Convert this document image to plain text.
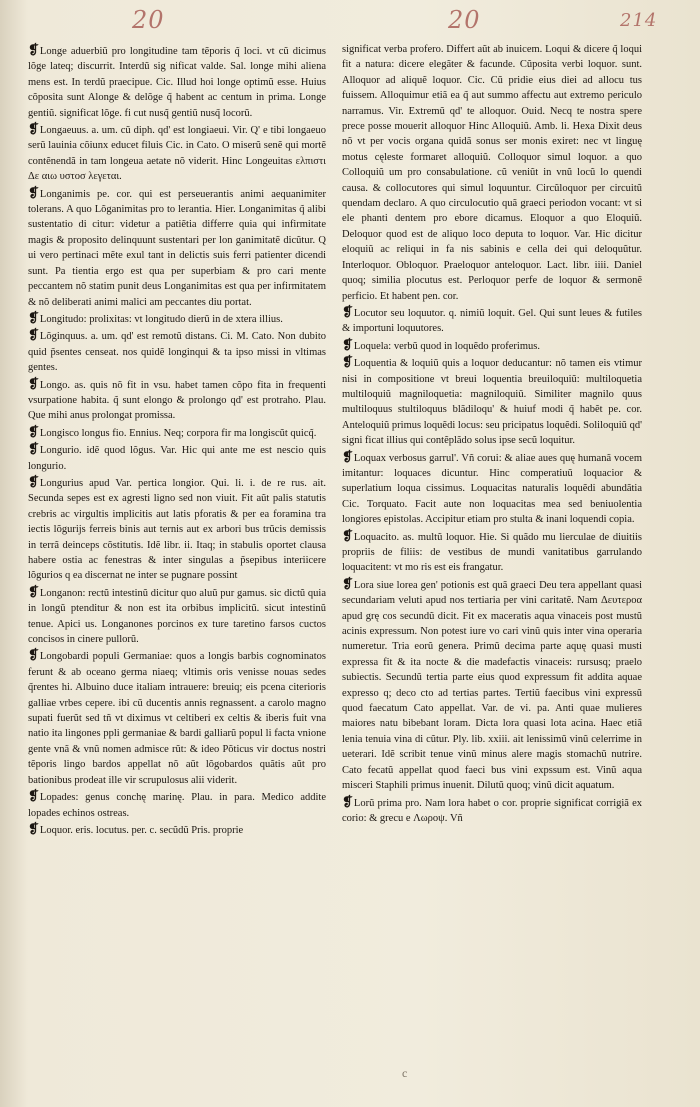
20	20	214

❡Longe aduerbiũ pro longitudine tam tẽporis q̃ loci. vt cũ dicimus lõge lateq; discurrit. Interdũ sig nificat valde. Sal. longe mihi aliena mens est. In terdũ praecipue. Cic. Illud hoi longe optimũ esse. Huius cõposita sunt Alonge & delõge q̃ habent ac centum in prima. Longe gentiũ. significat lõge. fi cut nusq̃ gentiũ nusq̃ locorũ.

❡Longaeuus. a. um. cũ diph. qd' est longiaeui. Vir. Q' e tibi longaeuo serũ lauinia cõiunx educet filuis Cic. in Cato. O miserũ senẽ qui mortẽ contẽnendã in tam longeua aetate nõ viderit. Hinc Longeuitas ελπιστι Δε αιω υστοσ λεγεται.

❡Longanimis pe. cor. qui est perseuerantis animi aequanimiter tolerans. A quo Lõganimitas pro to lerantia. Hier. Longanimitas q̃ alibi sustentatio di citur: videtur a patiẽtia differre quia qui infirmitate magis & proposito delinquunt sustentari per lon ganimitatẽ dicũtur. Q ui vero pertinaci mẽte exul tant in delictis suis ferri patienter dicendi sunt. Pa tientia ergo est qua per superbiam & pro cari mente peccantem nõ statim punit deus Longanimitas est qua per infirmitatem & nõ deliberati animi malici am peccantes diu portat.

❡Longitudo: prolixitas: vt longitudo dierũ in de xtera illius.

❡Lõginquus. a. um. qd' est remotũ distans. Ci. M. Cato. Non dubito quid p̃sentes censeat. nos quidẽ longinqui & ta ipso missi in vltimas gentes.

❡Longo. as. quis nõ fit in vsu. habet tamen cõpo fita in frequenti vsurpatione habita. q̃ sunt elongo & prolongo qd' est protraho. Plau. Que mihi anus prolongat promissa.

❡Longisco longus fio. Ennius. Neq; corpora fir ma longiscũt quicq̃.

❡Longurio. idẽ quod lõgus. Var. Hic qui ante me est nescio quis longurio.

❡Longurius apud Var. pertica longior. Qui. li. i. de re rus. ait. Secunda sepes est ex agresti ligno sed non viuit. Fit aũt palis statutis crebris ac virgultis implicitis aut latis pforatis & per ea foramina tra iectis lõgurijs ferreis binis aut ternis aut ex arbori bus trũcis demissis in terrã deinceps cõstitutis. Idẽ libr. ii. Itaq; in stabulis oportet clausa habere ostia ac fenestras & inter singulas a p̃sepibus interiicere lõgurios q ea discernat ne inter se pugnare possint

❡Longanon: rectũ intestinũ dicitur quo aluũ pur gamus. sic dictũ quia in longũ ptenditur & non est ita orbibus implicitũ. sicut intestinũ tenue. Apici us. Longanones porcinos ex ture taretino farsos cuctos concisos in cinere pullorũ.

❡Longobardi populi Germaniae: quos a longis barbis cognominatos ferunt & ab oceano germa niaeq; vltimis oris venisse nouas sedes q̃rentes hi. Albuino duce italiam intrauere: breuiq; eis pcena citerioris galliae vrbes cepere. ibi cũ ducentis annis regnassent. a carolo magno supati fuerũt sed tñ vt diximus vt celtiberi ex celtis & iberis fuit vna natio ita lingones ppli germaniae & bardi galliarũ popul li facta vnione gente vnã & vnũ nomen admisce rũt: & ideo Põticus vir doctus nostri tẽporis lingo bardos appellat nõ aũt lõgobardos quãtis aũt pro bationibus prodeat ille vir scrupulosus alii viderit.

❡Lopades: genus conchę marinę. Plau. in para. Medico addite lopades echinos ostreas.

❡Loquor. eris. locutus. per. c. secũdũ Pris. proprie

significat verba profero. Differt aũt ab inuicem. Loqui & dicere q̃ loqui fit a natura: dicere elegãter & facunde. Cũposita verbi loquor. sunt. Alloquor ad aliquẽ loquor. Cic. Cũ pridie eius diei ad allocu tus fuissem. Alloquimur etiã ea q̃ aut summo affectu aut extremo periculo narramus. Vir. Extremũ qd' te alloquor. Ouid. Necq te nostra spere prece posse mouerit alloquor Hinc Alloquiũ. Amb. li. Hexa Dixit deus nõ vt per vocis organa quidã sonus ser monis exiret: nec vt linguę motus cęleste formaret alloquiũ. Colloquor simul loquor. a quo Colloquiũ um pro consabulatione. cũ veniũt in vnũ locũ lo quendi causa. & collocutores qui simul loquuntur. Circũloquor per circuitũ quendam declaro. A quo circulocutio quã graeci periodon vocant: vt si ele phanti dentem pro ebore dicamus. Eloquor a quo Eloquiũ. Deloquor quod est de aliquo loco deputa to loquor. Var. Hic dicitur eloquiũ ac reliqui in fa nis sabinis e cella dei qui deloquũtur. Interloquor. Obloquor. Praeloquor anteloquor. Lact. libr. iiii. Daniel quoq; similia plocutus est. Perloquor perfe de loquor & sermonẽ perficio. Et habent pen. cor.

❡Locutor seu loquutor. q. nimiũ loquit. Gel. Qui sunt leues & futiles & importuni loquutores.

❡Loquela: verbũ quod in loquẽdo proferimus.

❡Loquentia & loquiũ quis a loquor deducantur: nõ tamen eis vtimur nisi in compositione vt breui loquentia breuiloquiũ: multiloquetia multiloquiũ magniloquetia: magniloquiũ. Similiter magnilo quus multiloquus stultiloquus blãdiloqu' & huiuf modi q̃ habẽt pe. cor. Anteloquiũ primus loquẽdi locus: seu pricipatus loquẽdi. Soliloquiũ qd' signi ficat illius qui contẽplãdo solus ipse secũ loquitur.

❡Loquax verbosus garrul'. Vñ corui: & aliae aues quę humanã vocem imitantur: loquaces dicuntur. Hinc comperatiuũ loquacior & superlatium loqua cissimus. Loquacitas naturalis loquẽdi abundãtia Cic. Torquato. Facit aute non loquacitas mea sed beniuolentia longiores epistolas. Accipitur etiam pro stulta & inani loquendi copia.

❡Loquacito. as. multũ loquor. Hie. Si quãdo mu lierculae de diuitiis propriis de filiis: de vestibus de mundi vanitatibus garrulando loquacitent: vt mo ris est eis frangatur.

❡Lora siue lorea gen' potionis est quã graeci Deu tera appellant quasi secundariam veluti apud nos tertiaria per vini caritatẽ. Nam Δευτεροα apud grę cos secundũ dicit. Fit ex maceratis aqua vinaceis post mustũ acinis expressum. Non potest iure vo cari vinũ quis inter vina operaria numeretur. Tria eorũ genera. Primũ decima parte aquę quasi musti expressa fit & ita nocte & die madefactis vinaceis: rursusq; praelo subiectis. Secundũ tertia parte eius quod expressum fit addita aquae expresso q; deco cto ad tertias partes. Tertiũ faecibus vini expressũ quod faecatum Cato appellat. Var. de vi. pa. Anti quae mulieres maiores natu bibebant loram. Dicta lora quasi lota acina. Haec etiã lenia tenuia vina di cũtur. Ply. lib. xxiii. ait lenissimũ vinũ celerrime in ueterari. Idẽ scribit tenue vinũ minus alere magis stomachũ nutrire. Cato fecatũ appellat quod faeci bus vini expssum est. Vinũ aqua misceri Staphili primus inuenit. Dilutũ quoq; vinũ dicit aquatum.

❡Lorũ prima pro. Nam lora habet o cor. proprie significat corrigiã ex corio: & grecu e Λωροψ. Vñ

c
